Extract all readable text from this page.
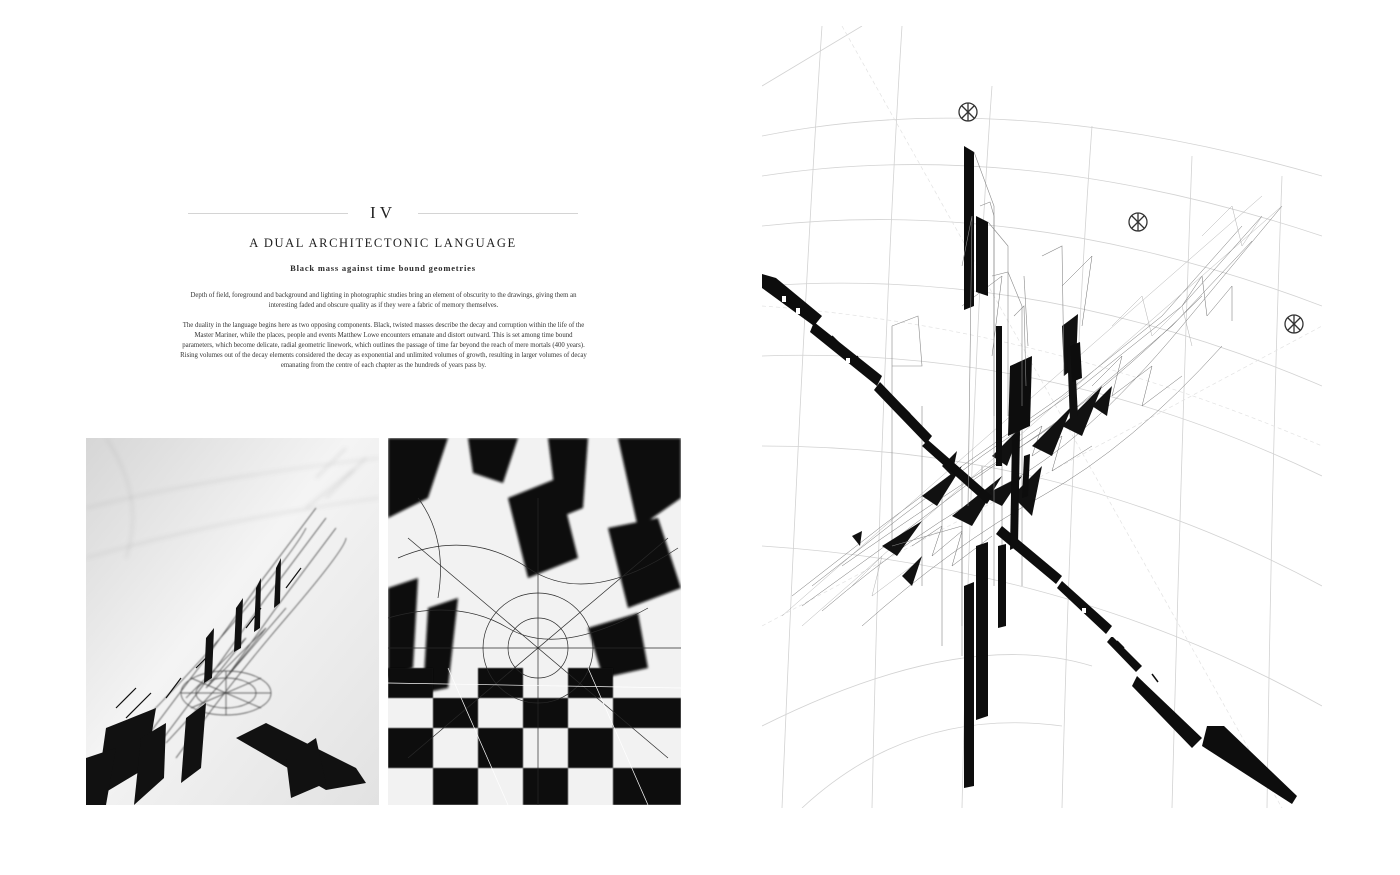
IV
A DUAL ARCHITECTONIC LANGUAGE
Black mass against time bound geometries

Depth of field, foreground and background and lighting in photographic studies bring an element of obscurity to the drawings, giving them an interesting faded and obscure quality as if they were a fabric of memory themselves.

The duality in the language begins here as two opposing components. Black, twisted masses describe the decay and corruption within the life of the Master Mariner, while the places, people and events Matthew Lowe encounters emanate and distort outward. This is set among time bound parameters, which become delicate, radial geometric linework, which outlines the passage of time far beyond the reach of mere mortals (400 years). Rising volumes out of the decay elements considered the decay as exponential and unlimited volumes of growth, resulting in larger volumes of decay emanating from the centre of each chapter as the hundreds of years pass by.
